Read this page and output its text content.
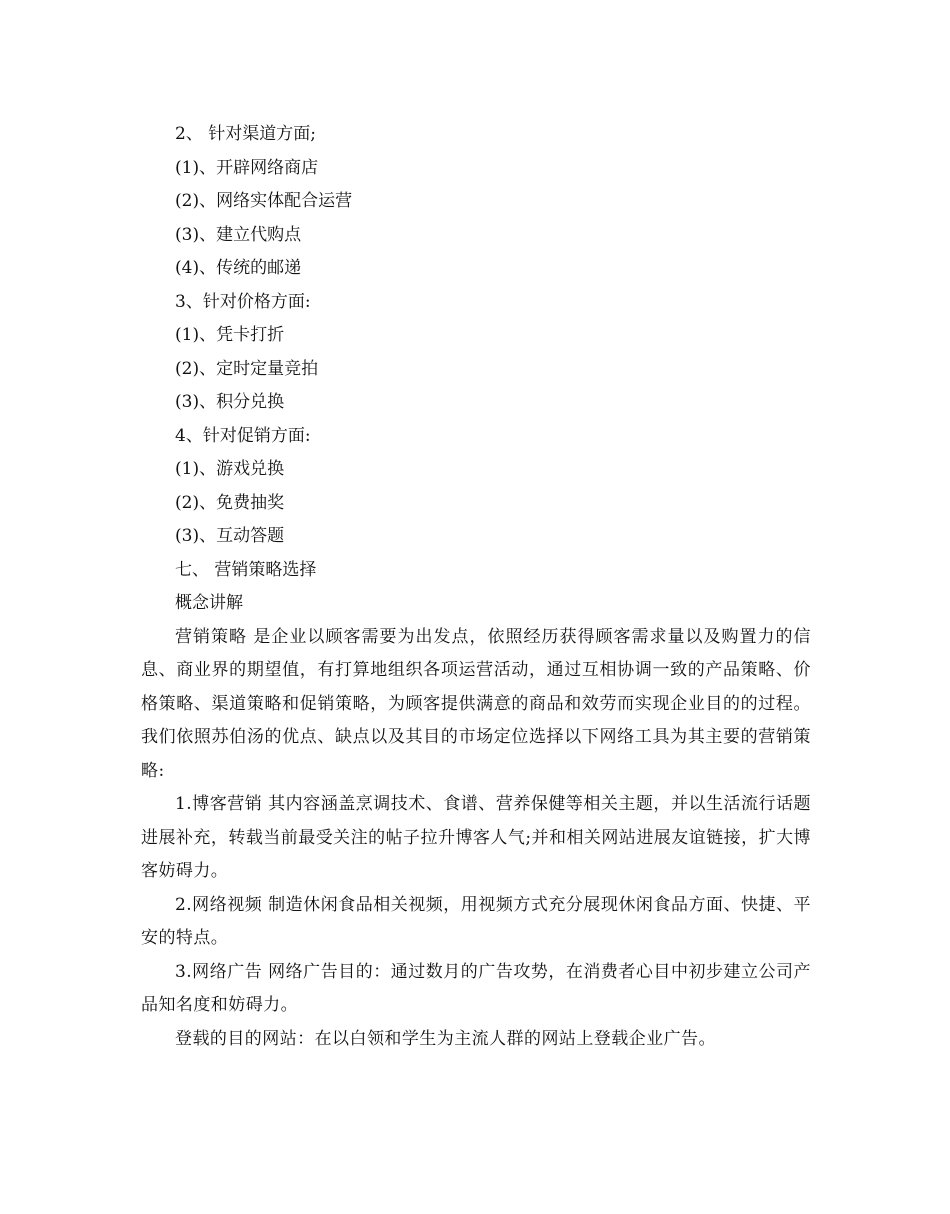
2、 针对渠道方面;

(1)、开辟网络商店

(2)、网络实体配合运营

(3)、建立代购点

(4)、传统的邮递

3、针对价格方面:

(1)、凭卡打折

(2)、定时定量竞拍

(3)、积分兑换

4、针对促销方面:

(1)、游戏兑换

(2)、免费抽奖

(3)、互动答题

七、 营销策略选择

概念讲解

营销策略 是企业以顾客需要为出发点，依照经历获得顾客需求量以及购置力的信息、商业界的期望值，有打算地组织各项运营活动，通过互相协调一致的产品策略、价格策略、渠道策略和促销策略，为顾客提供满意的商品和效劳而实现企业目的的过程。我们依照苏伯汤的优点、缺点以及其目的市场定位选择以下网络工具为其主要的营销策略:

1.博客营销 其内容涵盖烹调技术、食谱、营养保健等相关主题，并以生活流行话题进展补充，转载当前最受关注的帖子拉升博客人气;并和相关网站进展友谊链接，扩大博客妨碍力。

2.网络视频 制造休闲食品相关视频，用视频方式充分展现休闲食品方面、快捷、平安的特点。

3.网络广告 网络广告目的：通过数月的广告攻势，在消费者心目中初步建立公司产品知名度和妨碍力。

登载的目的网站：在以白领和学生为主流人群的网站上登载企业广告。
